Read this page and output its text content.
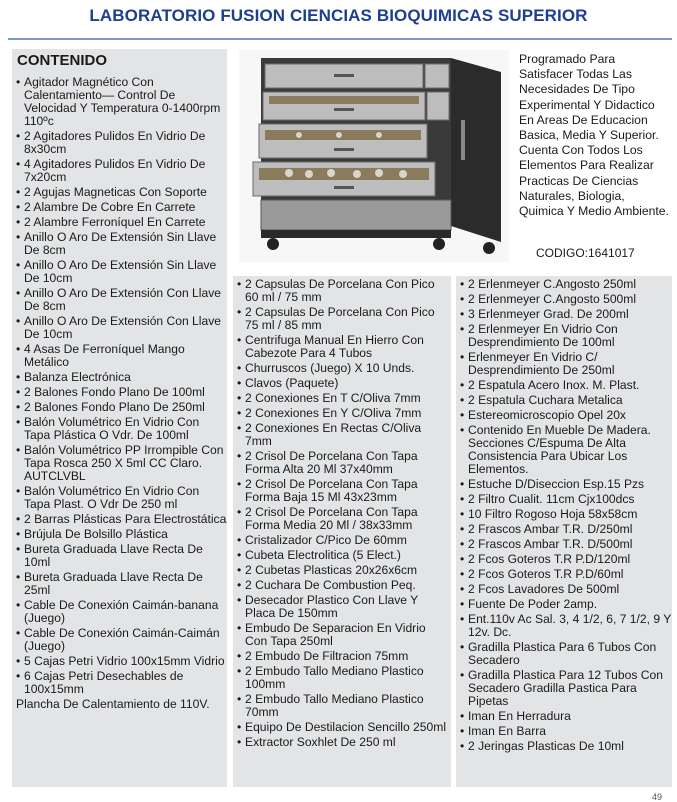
LABORATORIO FUSION CIENCIAS BIOQUIMICAS SUPERIOR
CONTENIDO
• Agitador Magnético Con Calentamiento— Control De Velocidad Y Temperatura 0-1400rpm 110ºc
• 2 Agitadores Pulidos En Vidrio De 8x30cm
• 4 Agitadores Pulidos En Vidrio De 7x20cm
• 2 Agujas Magneticas Con Soporte
• 2 Alambre De Cobre En Carrete
• 2 Alambre Ferroníquel En Carrete
• Anillo O Aro De Extensión Sin Llave De 8cm
• Anillo O Aro De Extensión Sin Llave De 10cm
• Anillo O Aro De Extensión Con Llave De 8cm
• Anillo O Aro De Extensión Con Llave De 10cm
• 4 Asas De Ferroníquel Mango Metálico
• Balanza Electrónica
• 2 Balones Fondo Plano De 100ml
• 2 Balones Fondo Plano De 250ml
• Balón Volumétrico En Vidrio Con Tapa Plástica O Vdr. De 100ml
• Balón Volumétrico PP Irrompible Con Tapa Rosca 250 X 5ml CC Claro. AUTCLVBL
• Balón Volumétrico En Vidrio Con Tapa Plast. O Vdr De 250 ml
• 2 Barras Plásticas Para Electrostática
• Brújula De Bolsillo Plástica
• Bureta Graduada Llave Recta De 10ml
• Bureta Graduada Llave Recta De 25ml
• Cable De Conexión Caimán-banana (Juego)
• Cable De Conexión Caimán-Caimán (Juego)
• 5 Cajas Petri Vidrio 100x15mm Vidrio
• 6 Cajas Petri Desechables de 100x15mm
Plancha De Calentamiento de 110V.
Programado Para Satisfacer Todas Las Necesidades De Tipo Experimental Y Didactico En Areas De Educacion Basica, Media Y Superior. Cuenta Con Todos Los Elementos Para Realizar Practicas De Ciencias Naturales, Biologia, Quimica Y Medio Ambiente.
CODIGO:1641017
• 2 Capsulas De Porcelana Con Pico 60 ml / 75 mm
• 2 Capsulas De Porcelana Con Pico 75 ml / 85 mm
• Centrifuga Manual En Hierro Con Cabezote Para 4 Tubos
• Churruscos (Juego) X 10 Unds.
• Clavos (Paquete)
• 2 Conexiones En T C/Oliva 7mm
• 2 Conexiones En Y C/Oliva 7mm
• 2 Conexiones En Rectas C/Oliva 7mm
• 2 Crisol De Porcelana Con Tapa Forma Alta 20 Ml 37x40mm
• 2 Crisol De Porcelana Con Tapa Forma Baja 15 Ml 43x23mm
• 2 Crisol De Porcelana Con Tapa Forma Media 20 Ml / 38x33mm
• Cristalizador C/Pico De 60mm
• Cubeta Electrolitica (5 Elect.)
• 2 Cubetas Plasticas 20x26x6cm
• 2 Cuchara De Combustion Peq.
• Desecador Plastico Con Llave Y Placa De 150mm
• Embudo De Separacion En Vidrio Con Tapa 250ml
• 2 Embudo De Filtracion 75mm
• 2 Embudo Tallo Mediano Plastico 100mm
• 2 Embudo Tallo Mediano Plastico 70mm
• Equipo De Destilacion Sencillo 250ml
• Extractor Soxhlet De 250 ml
• 2 Erlenmeyer C.Angosto 250ml
• 2 Erlenmeyer C.Angosto 500ml
• 3 Erlenmeyer Grad. De 200ml
• 2 Erlenmeyer En Vidrio Con Desprendimiento De 100ml
• Erlenmeyer En Vidrio C/ Desprendimiento De 250ml
• 2 Espatula Acero Inox. M. Plast.
• 2 Espatula Cuchara Metalica
• Estereomicroscopio Opel 20x
• Contenido En Mueble De Madera. Secciones C/Espuma De Alta Consistencia Para Ubicar Los Elementos.
• Estuche D/Diseccion Esp.15 Pzs
• 2 Filtro Cualit. 11cm Cjx100dcs
• 10 Filtro Rogoso Hoja 58x58cm
• 2 Frascos Ambar T.R. D/250ml
• 2 Frascos Ambar T.R. D/500ml
• 2 Fcos Goteros T.R P.D/120ml
• 2 Fcos Goteros T.R P.D/60ml
• 2 Fcos Lavadores De 500ml
• Fuente De Poder 2amp.
• Ent.110v Ac Sal. 3, 4 1/2, 6, 7 1/2, 9 Y 12v. Dc.
• Gradilla Plastica Para 6 Tubos Con Secadero
• Gradilla Plastica Para 12 Tubos Con Secadero Gradilla Pastica Para Pipetas
• Iman En Herradura
• Iman En Barra
• 2 Jeringas Plasticas De 10ml
49
